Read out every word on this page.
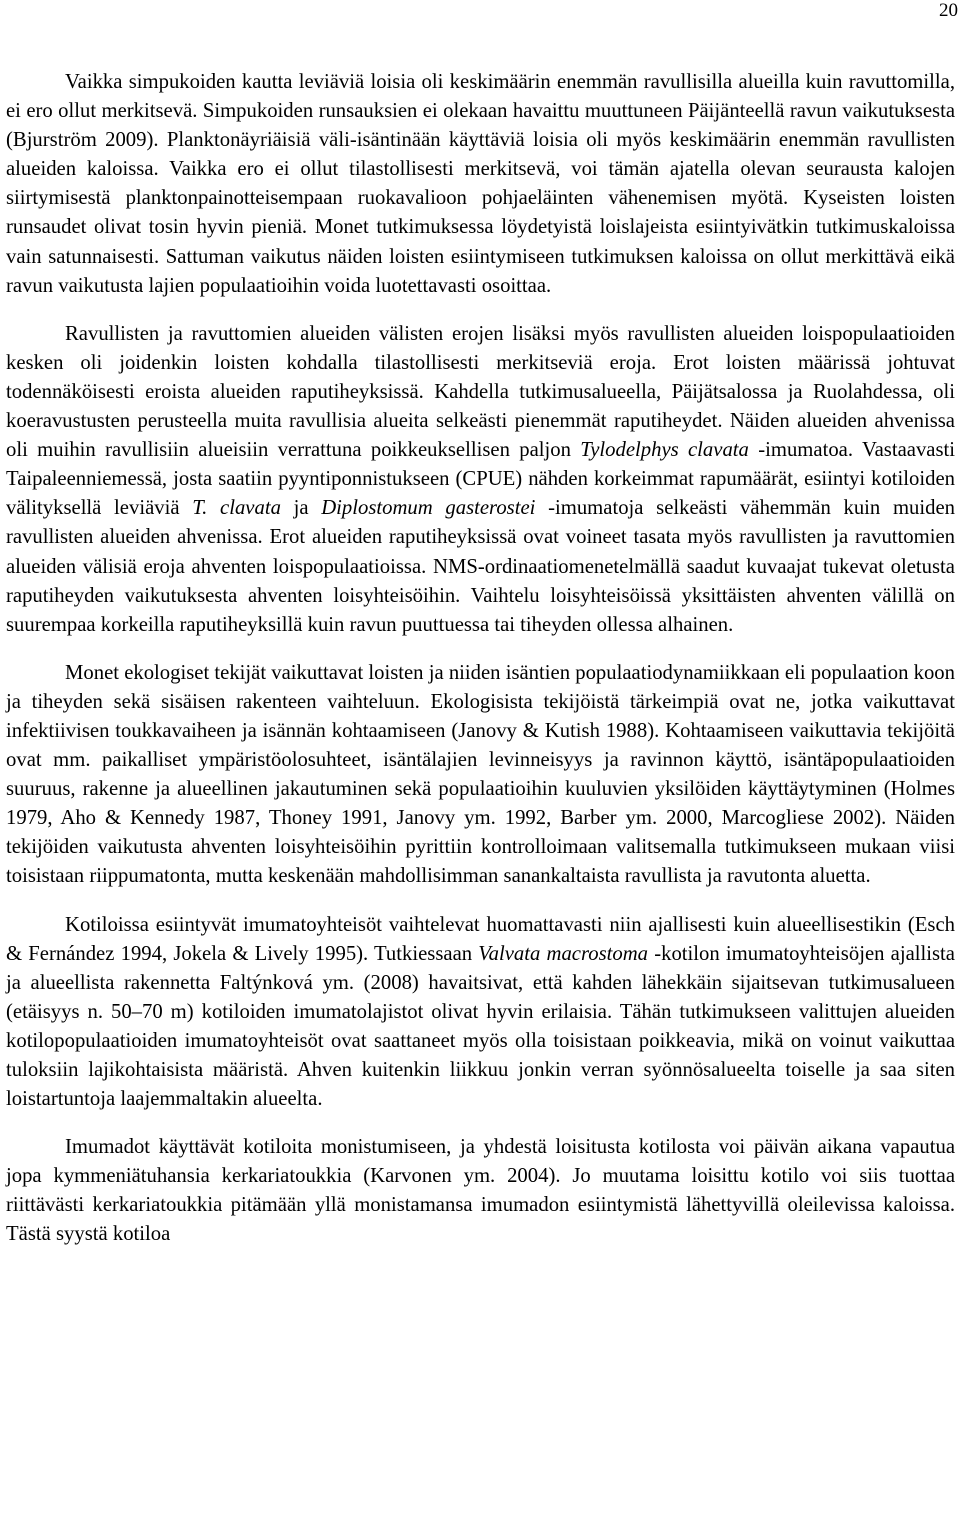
20

Vaikka simpukoiden kautta leviäviä loisia oli keskimäärin enemmän ravullisilla alueilla kuin ravuttomilla, ei ero ollut merkitsevä. Simpukoiden runsauksien ei olekaan havaittu muuttuneen Päijänteellä ravun vaikutuksesta (Bjurström 2009). Planktonäyriäisiä väli-isäntinään käyttäviä loisia oli myös keskimäärin enemmän ravullisten alueiden kaloissa. Vaikka ero ei ollut tilastollisesti merkitsevä, voi tämän ajatella olevan seurausta kalojen siirtymisestä planktonpainotteisempaan ruokavalioon pohjaeläinten vähenemisen myötä. Kyseisten loisten runsaudet olivat tosin hyvin pieniä. Monet tutkimuksessa löydetyistä loislajeista esiintyivätkin tutkimuskaloissa vain satunnaisesti. Sattuman vaikutus näiden loisten esiintymiseen tutkimuksen kaloissa on ollut merkittävä eikä ravun vaikutusta lajien populaatioihin voida luotettavasti osoittaa.

Ravullisten ja ravuttomien alueiden välisten erojen lisäksi myös ravullisten alueiden loispopulaatioiden kesken oli joidenkin loisten kohdalla tilastollisesti merkitseviä eroja. Erot loisten määrissä johtuvat todennäköisesti eroista alueiden raputiheyksissä. Kahdella tutkimusalueella, Päijätsalossa ja Ruolahdessa, oli koeravustusten perusteella muita ravullisia alueita selkeästi pienemmät raputiheydet. Näiden alueiden ahvenissa oli muihin ravullisiin alueisiin verrattuna poikkeuksellisen paljon Tylodelphys clavata -imumatoa. Vastaavasti Taipaleenniemessä, josta saatiin pyyntiponnistukseen (CPUE) nähden korkeimmat rapumäärät, esiintyi kotiloiden välityksellä leviäviä T. clavata ja Diplostomum gasterostei -imumatoja selkeästi vähemmän kuin muiden ravullisten alueiden ahvenissa. Erot alueiden raputiheyksissä ovat voineet tasata myös ravullisten ja ravuttomien alueiden välisiä eroja ahventen loispopulaatioissa. NMS-ordinaatiomenetelmällä saadut kuvaajat tukevat oletusta raputiheyden vaikutuksesta ahventen loisyhteisöihin. Vaihtelu loisyhteisöissä yksittäisten ahventen välillä on suurempaa korkeilla raputiheyksillä kuin ravun puuttuessa tai tiheyden ollessa alhainen.

Monet ekologiset tekijät vaikuttavat loisten ja niiden isäntien populaatiodynamiikkaan eli populaation koon ja tiheyden sekä sisäisen rakenteen vaihteluun. Ekologisista tekijöistä tärkeimpiä ovat ne, jotka vaikuttavat infektiivisen toukkavaiheen ja isännän kohtaamiseen (Janovy & Kutish 1988). Kohtaamiseen vaikuttavia tekijöitä ovat mm. paikalliset ympäristöolosuhteet, isäntälajien levinneisyys ja ravinnon käyttö, isäntäpopulaatioiden suuruus, rakenne ja alueellinen jakautuminen sekä populaatioihin kuuluvien yksilöiden käyttäytyminen (Holmes 1979, Aho & Kennedy 1987, Thoney 1991, Janovy ym. 1992, Barber ym. 2000, Marcogliese 2002). Näiden tekijöiden vaikutusta ahventen loisyhteisöihin pyrittiin kontrolloimaan valitsemalla tutkimukseen mukaan viisi toisistaan riippumatonta, mutta keskenään mahdollisimman sanankaltaista ravullista ja ravutonta aluetta.

Kotiloissa esiintyvät imumatoyhteisöt vaihtelevat huomattavasti niin ajallisesti kuin alueellisestikin (Esch & Fernández 1994, Jokela & Lively 1995). Tutkiessaan Valvata macrostoma -kotilon imumatoyhteisöjen ajallista ja alueellista rakennetta Faltýnková ym. (2008) havaitsivat, että kahden lähekkäin sijaitsevan tutkimusalueen (etäisyys n. 50–70 m) kotiloiden imumatolajistot olivat hyvin erilaisia. Tähän tutkimukseen valittujen alueiden kotilopopulaatioiden imumatoyhteisöt ovat saattaneet myös olla toisistaan poikkeavia, mikä on voinut vaikuttaa tuloksiin lajikohtaisista määristä. Ahven kuitenkin liikkuu jonkin verran syönnösalueelta toiselle ja saa siten loistartuntoja laajemmaltakin alueelta.

Imumadot käyttävät kotiloita monistumiseen, ja yhdestä loisitusta kotilosta voi päivän aikana vapautua jopa kymmeniätuhansia kerkariatoukkia (Karvonen ym. 2004). Jo muutama loisittu kotilo voi siis tuottaa riittävästi kerkariatoukkia pitämään yllä monistamansa imumadon esiintymistä lähettyvillä oleilevissa kaloissa. Tästä syystä kotiloa
